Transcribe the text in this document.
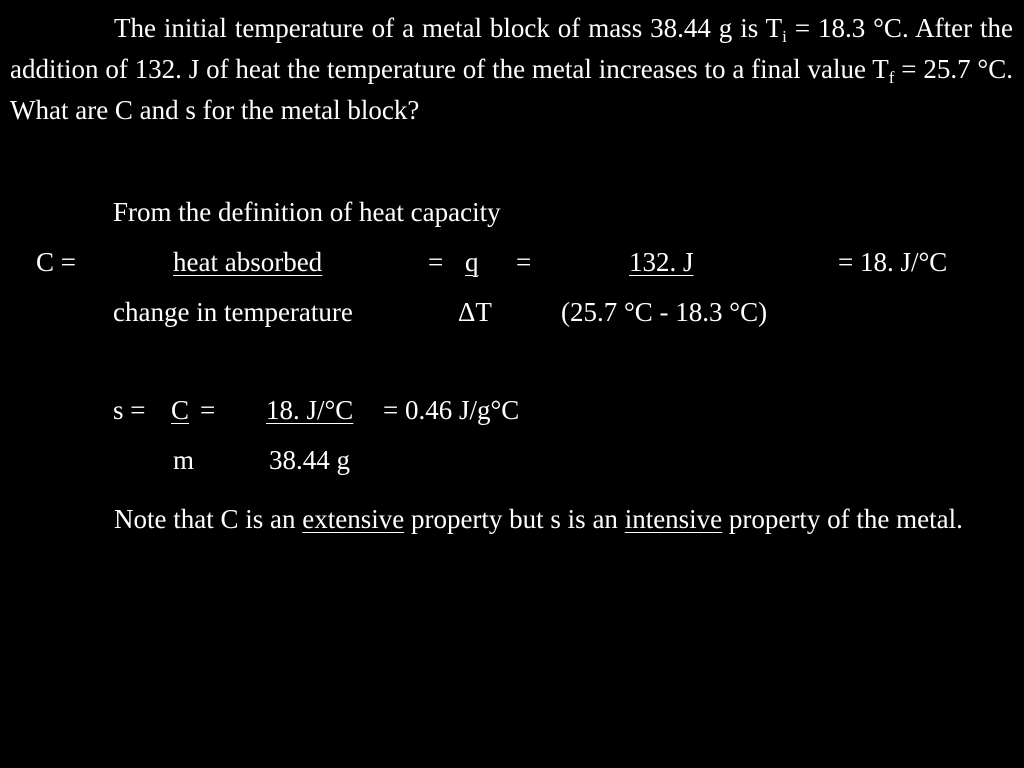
The initial temperature of a metal block of mass 38.44 g is $T_i = 18.3$ °C. After the addition of 132. J of heat the temperature of the metal increases to a final value $T_f = 25.7$ °C. What are C and s for the metal block?

From the definition of heat capacity
C =	heat absorbed	= q =	132. J	= 18. J/°C
change in temperature	ΔT	(25.7 °C - 18.3 °C)
s = C = 18. J/°C = 0.46 J/g°C
m	38.44 g

Note that C is an extensive property but s is an intensive property of the metal.
